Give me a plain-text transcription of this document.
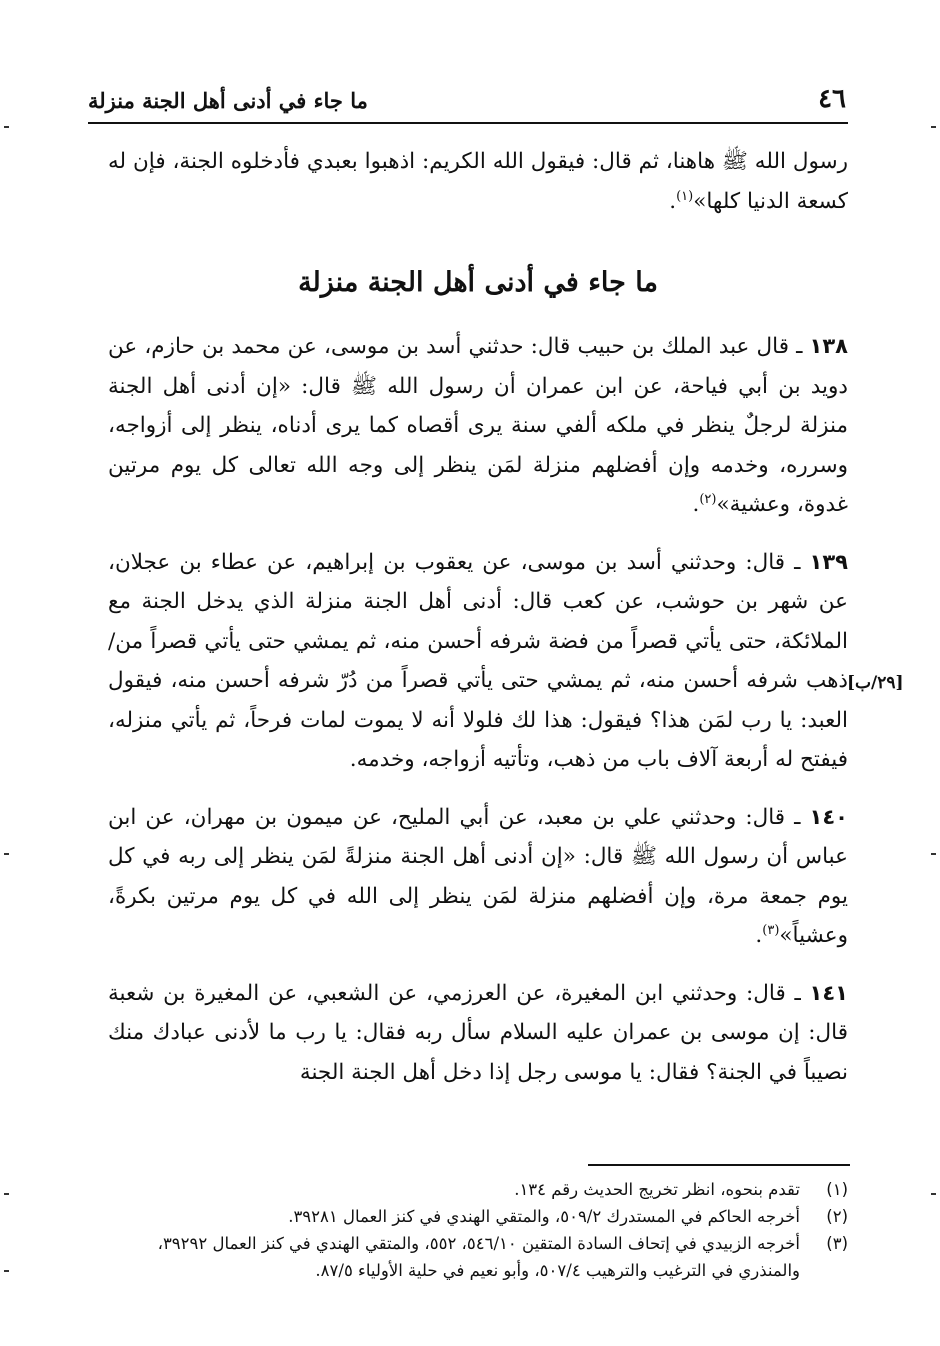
٤٦
ما جاء في أدنى أهل الجنة منزلة

رسول الله ﷺ هاهنا، ثم قال: فيقول الله الكريم: اذهبوا بعبدي فأدخلوه الجنة، فإن له كسعة الدنيا كلها»$^{(١)}$.

ما جاء في أدنى أهل الجنة منزلة

١٣٨ ـ قال عبد الملك بن حبيب قال: حدثني أسد بن موسى، عن محمد بن حازم، عن دويد بن أبي فياحة، عن ابن عمران أن رسول الله ﷺ قال: «إن أدنى أهل الجنة منزلة لرجلٌ ينظر في ملكه ألفي سنة يرى أقصاه كما يرى أدناه، ينظر إلى أزواجه، وسرره، وخدمه وإن أفضلهم منزلة لمَن ينظر إلى وجه الله تعالى كل يوم مرتين غدوة، وعشية»$^{(٢)}$.

١٣٩ ـ قال: وحدثني أسد بن موسى، عن يعقوب بن إبراهيم، عن عطاء بن عجلان، عن شهر بن حوشب، عن كعب قال: أدنى أهل الجنة منزلة الذي يدخل الجنة مع الملائكة، حتى يأتي قصراً من فضة شرفه أحسن منه، ثم يمشي حتى يأتي قصراً من/ ذهب شرفه أحسن منه، ثم يمشي حتى يأتي قصراً من دُرّ شرفه أحسن منه، فيقول العبد: يا رب لمَن هذا؟ فيقول: هذا لك فلولا أنه لا يموت لمات فرحاً، ثم يأتي منزله، فيفتح له أربعة آلاف باب من ذهب، وتأتيه أزواجه، وخدمه.

١٤٠ ـ قال: وحدثني علي بن معبد، عن أبي المليح، عن ميمون بن مهران، عن ابن عباس أن رسول الله ﷺ قال: «إن أدنى أهل الجنة منزلةً لمَن ينظر إلى ربه في كل يوم جمعة مرة، وإن أفضلهم منزلة لمَن ينظر إلى الله في كل يوم مرتين بكرةً، وعشياً»$^{(٣)}$.

١٤١ ـ قال: وحدثني ابن المغيرة، عن العرزمي، عن الشعبي، عن المغيرة بن شعبة قال: إن موسى بن عمران عليه السلام سأل ربه فقال: يا رب ما لأدنى عبادك منك نصيباً في الجنة؟ فقال: يا موسى رجل إذا دخل أهل الجنة الجنة

[٢٩/ب]
(١)
تقدم بنحوه، انظر تخريج الحديث رقم ١٣٤.
(٢)
أخرجه الحاكم في المستدرك ٥٠٩/٢، والمتقي الهندي في كنز العمال ٣٩٢٨١.
(٣)
أخرجه الزبيدي في إتحاف السادة المتقين ٥٤٦/١٠، ٥٥٢، والمتقي الهندي في كنز العمال ٣٩٢٩٢، والمنذري في الترغيب والترهيب ٥٠٧/٤، وأبو نعيم في حلية الأولياء ٨٧/٥.
